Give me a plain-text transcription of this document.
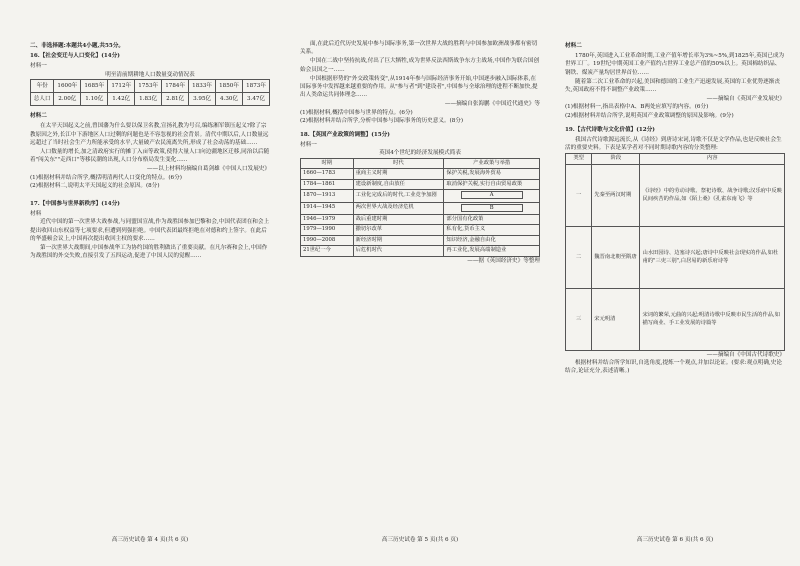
二、非选择题:本题共4小题,共55分。
16.【社会变迁与人口变化】(14分)
材料一
明至清前期耕地人口数量变动情况表
年份	1600年	1685年	1712年	1753年	1784年	1833年	1850年	1873年
总人口	2.00亿	1.10亿	1.42亿	1.83亿	2.81亿	3.95亿	4.30亿	3.47亿
材料二

在太平天国起义之前,曾国藩为什么要以保卫名教,宣扬礼教为号召,编练湘军镇压起义?除了宗教原因之外,长江中下游地区人口过剩的问题也是不容忽视的社会背景。清代中期以后,人口数量远远超过了当时社会生产力所能承受的水平,大量破产农民流离失所,形成了社会动荡的基础……

人口数量的增长,加之清政府实行的摊丁入亩等政策,使得大量人口向边疆地区迁移,同治以后随着"闯关东""走西口"等移民潮的出现,人口分布格局发生变化……

——以上材料均摘编自葛剑雄《中国人口发展史》
(1)根据材料并结合所学,概括明清两代人口变化的特点。(6分)
(2)根据材料二,说明太平天国起义的社会原因。(8分)
17.【中国参与世界新秩序】(14分)
材料

近代中国的第一次世界大战参战,与同盟国宣战,作为战胜国参加巴黎和会,中国代表团在和会上提出收回山东权益等七项要求,但遭到列强拒绝。中国代表团最终拒绝在对德和约上签字。在此后的华盛顿会议上,中国再次提出收回主权的要求……

第一次世界大战期间,中国参战华工为协约国的胜利做出了重要贡献。在凡尔赛和会上,中国作为战胜国的外交失败,直接引发了五四运动,促进了中国人民的觉醒……

高三历史试卷 第 4 页(共 6 页)

面,在此后近代历史发展中参与国际事务,第一次世界大战的胜利与中国参加欧洲战事都有密切关系。

中国在二战中坚持抗战,付出了巨大牺牲,成为世界反法西斯战争东方主战场,中国作为联合国创始会员国之一……

中国根据形势的"外交政策转变",从1914年参与国际经济事务开始,中国逐步融入国际体系,在国际事务中发挥越来越重要的作用。从"参与者"到"建设者",中国参与全球治理的进程不断加快,提出人类命运共同体理念……

——摘编自张海鹏《中国近代通史》等
(1)根据材料,概括中国参与世界的特点。(6分)
(2)根据材料并结合所学,分析中国参与国际事务的历史意义。(8分)
18.【英国产业政策的调整】(15分)
材料一
英国4个世纪的经济发展模式简表
时期	时代	产业政策与举措
1660—1783	重商主义时期	保护关税,发展海外贸易
1784—1861	建设新制度,自由放任	取消保护关税,实行自由贸易政策
1870—1913	工业化完成后的时代,工业竞争加剧	A
1914—1945	两次世界大战及经济危机	B
1946—1979	战后重建时期	部分国有化政策
1979—1990	撒切尔改革	私有化,货币主义
1990—2008	新经济时期	知识经济,金融自由化
21世纪一今	后危机时代	再工业化,发展高端制造业
——据《英国经济史》等整理
高三历史试卷 第 5 页(共 6 页)
材料二

1780年,英国进入工业革命时期,工业产值年增长率为3%~5%,到1825年,英国已成为世界工厂。19世纪中期英国工业产值约占世界工业总产值的50%以上。英国棉纺织品、钢铁、煤炭产量均居世界首位……

随着第二次工业革命的兴起,美国和德国的工业生产迅速发展,英国的工业优势逐渐丧失,英国政府不得不调整产业政策……

——摘编自《英国产业发展史》
(1)根据材料一,指出表格中A、B两处应填写的内容。(6分)
(2)根据材料并结合所学,说明英国产业政策调整的原因及影响。(9分)
19.【古代诗歌与文化价值】(12分)

我国古代诗歌源远流长,从《诗经》到唐诗宋词,诗歌不仅是文学作品,也是反映社会生活的重要史料。下表是某学者对不同时期诗歌内容的分类整理:

类型	阶段	内容
一	先秦至两汉时期	《诗经》中的劳动诗歌、祭祀诗歌、战争诗歌;汉乐府中反映民间疾苦的作品,如《陌上桑》《孔雀东南飞》等
二	魏晋南北朝至隋唐	山水田园诗、边塞诗兴起;唐诗中反映社会现实的作品,如杜甫的"三吏三别",白居易的新乐府诗等
三	宋元明清	宋词的繁荣,元曲的兴起;明清诗歌中反映市民生活的作品,如描写商业、手工业发展的诗篇等
——摘编自《中国古代诗歌史》

根据材料并结合所学知识,自选角度,提炼一个观点,并加以论证。(要求:观点明确,史论结合,论证充分,表述清晰。)

高三历史试卷 第 6 页(共 6 页)
